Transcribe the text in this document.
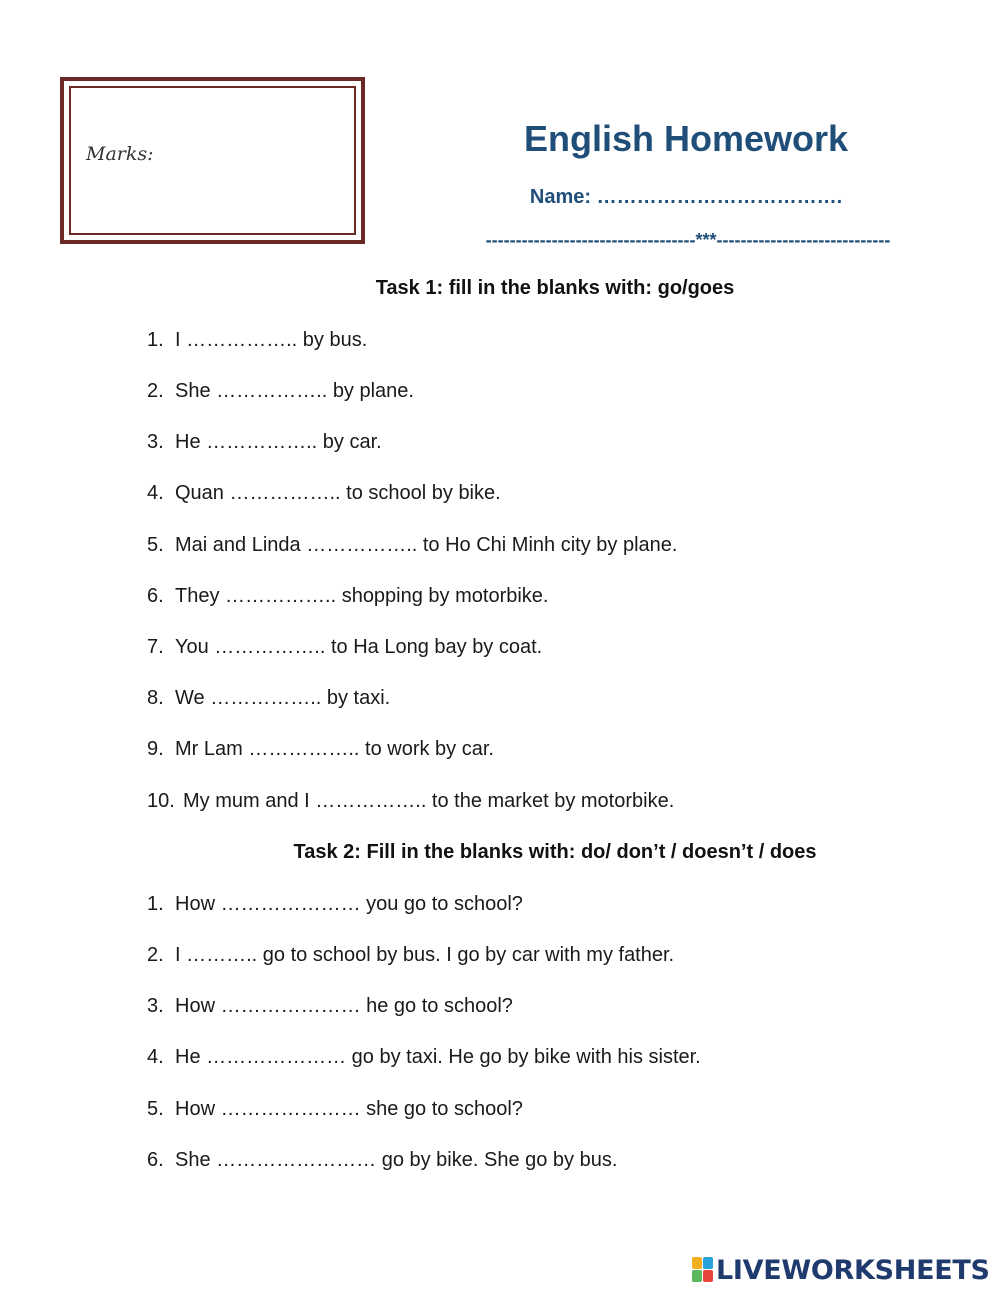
Marks:	English Homework
Name: ……………………………….
-----------------------------------***-----------------------------
Task 1: fill in the blanks with: go/goes
1. I …………….. by bus.
2. She …………….. by plane.
3. He …………….. by car.
4. Quan …………….. to school by bike.
5. Mai and Linda …………….. to Ho Chi Minh city by plane.
6. They …………….. shopping by motorbike.
7. You …………….. to Ha Long bay by coat.
8. We …………….. by taxi.
9. Mr Lam …………….. to work by car.
10. My mum and I …………….. to the market by motorbike.
Task 2: Fill in the blanks with: do/ don’t / doesn’t / does
1. How ………………… you go to school?
2. I ……….. go to school by bus. I go by car with my father.
3. How ………………… he go to school?
4. He ………………… go by taxi. He go by bike with his sister.
5. How ………………… she go to school?
6. She …………………… go by bike. She go by bus.
LIVEWORKSHEETS
